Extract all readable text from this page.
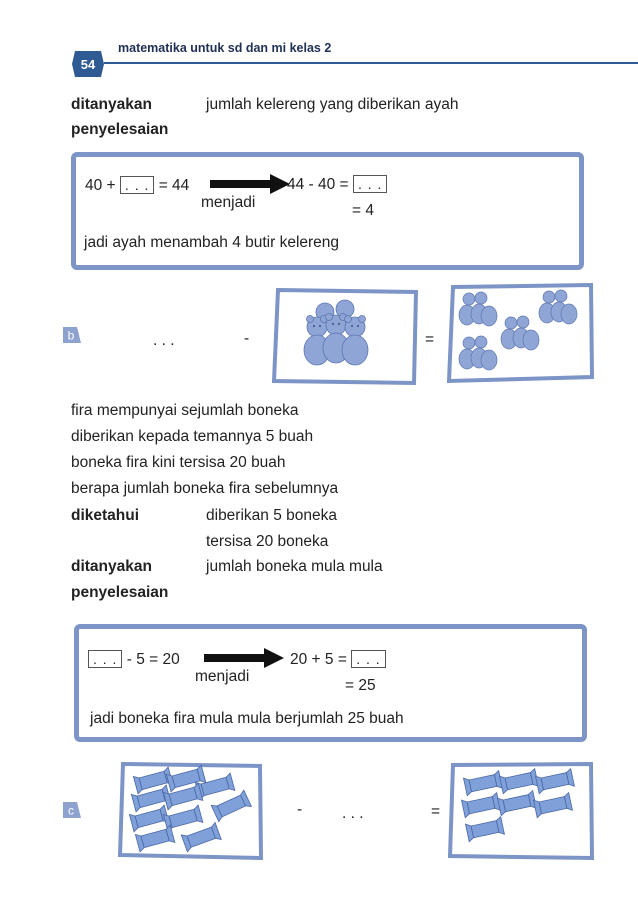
54
matematika untuk sd dan mi kelas 2
ditanyakan	jumlah kelereng yang diberikan ayah
penyelesaian
40 + . . . = 44
menjadi
44 - 40 = . . .
= 4
jadi ayah menambah 4 butir kelereng
b	. . .	-	=
fira mempunyai sejumlah boneka
diberikan kepada temannya 5 buah
boneka fira kini tersisa 20 buah
berapa jumlah boneka fira sebelumnya
diketahui	diberikan 5 boneka
tersisa 20 boneka
ditanyakan	jumlah boneka mula mula
penyelesaian
. . . - 5 = 20
menjadi
20 + 5 = . . .
= 25
jadi boneka fira mula mula berjumlah 25 buah
c	-	. . .	=
